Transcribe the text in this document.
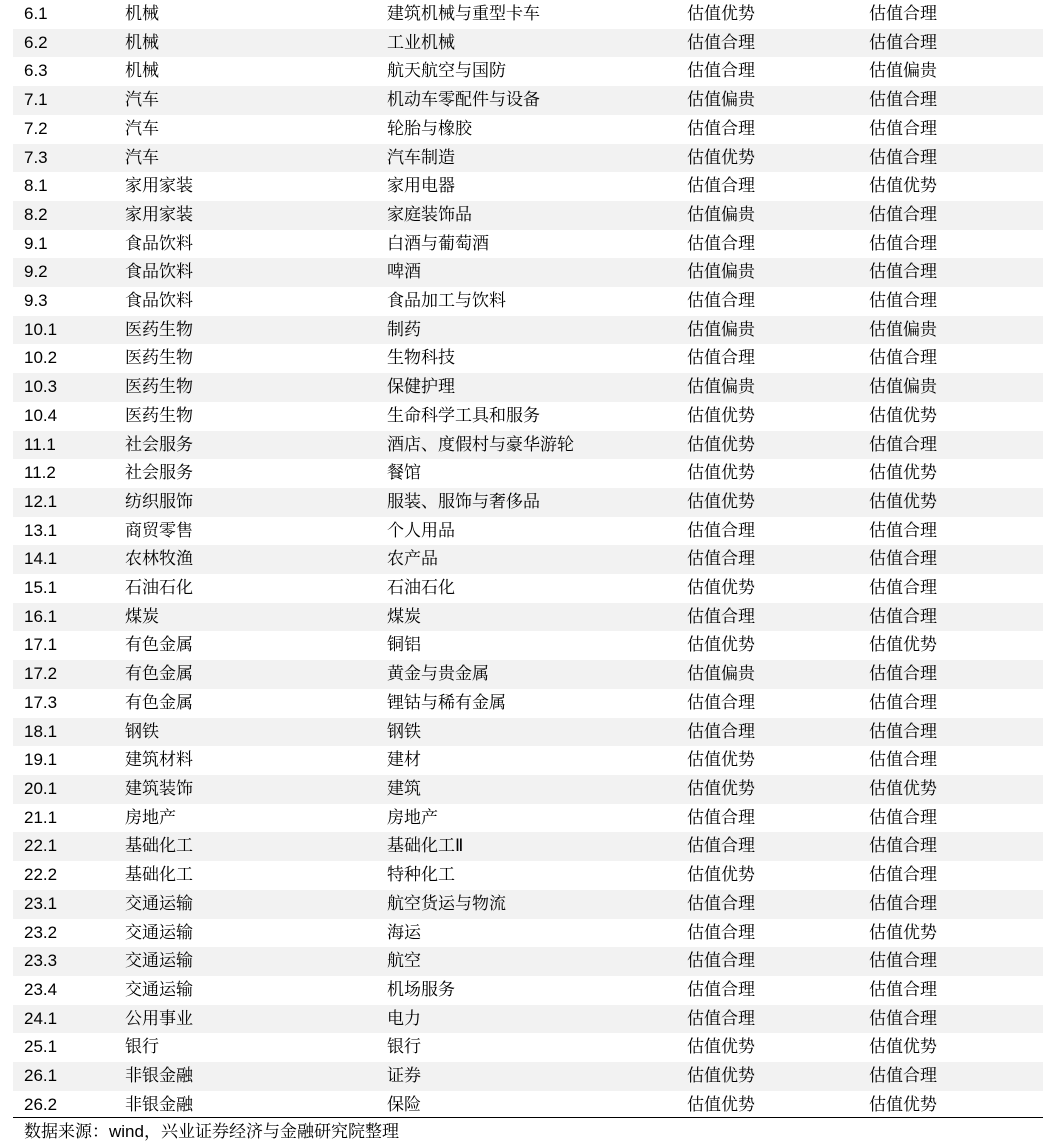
6.1	机械	建筑机械与重型卡车	估值优势	估值合理
6.2	机械	工业机械	估值合理	估值合理
6.3	机械	航天航空与国防	估值合理	估值偏贵
7.1	汽车	机动车零配件与设备	估值偏贵	估值合理
7.2	汽车	轮胎与橡胶	估值合理	估值合理
7.3	汽车	汽车制造	估值优势	估值合理
8.1	家用家装	家用电器	估值合理	估值优势
8.2	家用家装	家庭装饰品	估值偏贵	估值合理
9.1	食品饮料	白酒与葡萄酒	估值合理	估值合理
9.2	食品饮料	啤酒	估值偏贵	估值合理
9.3	食品饮料	食品加工与饮料	估值合理	估值合理
10.1	医药生物	制药	估值偏贵	估值偏贵
10.2	医药生物	生物科技	估值合理	估值合理
10.3	医药生物	保健护理	估值偏贵	估值偏贵
10.4	医药生物	生命科学工具和服务	估值优势	估值优势
11.1	社会服务	酒店、度假村与豪华游轮	估值优势	估值合理
11.2	社会服务	餐馆	估值优势	估值优势
12.1	纺织服饰	服装、服饰与奢侈品	估值优势	估值优势
13.1	商贸零售	个人用品	估值合理	估值合理
14.1	农林牧渔	农产品	估值合理	估值合理
15.1	石油石化	石油石化	估值优势	估值合理
16.1	煤炭	煤炭	估值合理	估值合理
17.1	有色金属	铜铝	估值优势	估值优势
17.2	有色金属	黄金与贵金属	估值偏贵	估值合理
17.3	有色金属	锂钴与稀有金属	估值合理	估值合理
18.1	钢铁	钢铁	估值合理	估值合理
19.1	建筑材料	建材	估值优势	估值合理
20.1	建筑装饰	建筑	估值优势	估值优势
21.1	房地产	房地产	估值合理	估值合理
22.1	基础化工	基础化工Ⅱ	估值合理	估值合理
22.2	基础化工	特种化工	估值优势	估值合理
23.1	交通运输	航空货运与物流	估值合理	估值合理
23.2	交通运输	海运	估值合理	估值优势
23.3	交通运输	航空	估值合理	估值合理
23.4	交通运输	机场服务	估值合理	估值合理
24.1	公用事业	电力	估值合理	估值合理
25.1	银行	银行	估值优势	估值优势
26.1	非银金融	证券	估值优势	估值合理
26.2	非银金融	保险	估值优势	估值优势
数据来源：wind，兴业证券经济与金融研究院整理
